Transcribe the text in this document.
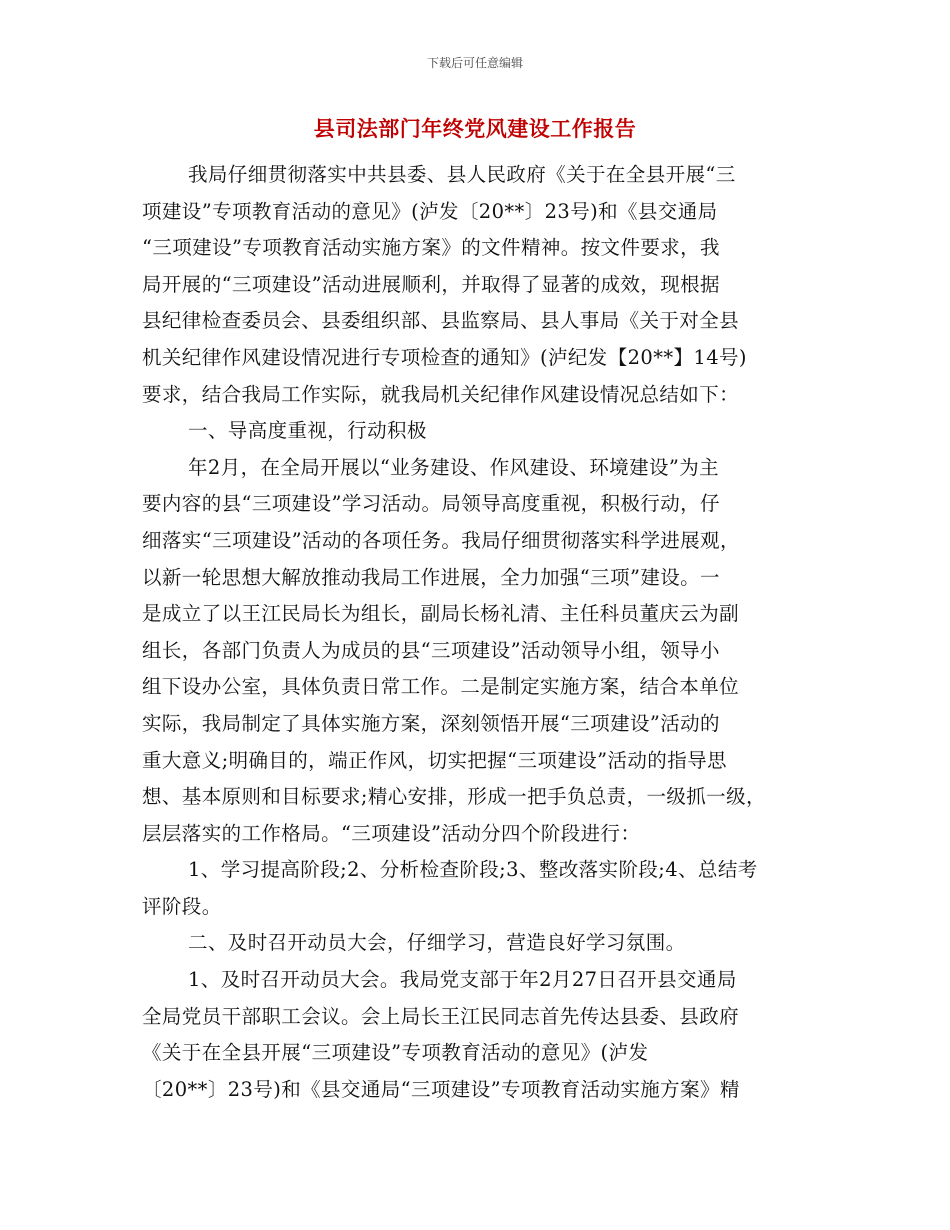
下载后可任意编辑
县司法部门年终党风建设工作报告
我局仔细贯彻落实中共县委、县人民政府《关于在全县开展“三
项建设”专项教育活动的意见》(泸发〔20**〕23号)和《县交通局
“三项建设”专项教育活动实施方案》的文件精神。按文件要求，我
局开展的“三项建设”活动进展顺利，并取得了显著的成效，现根据
县纪律检查委员会、县委组织部、县监察局、县人事局《关于对全县
机关纪律作风建设情况进行专项检查的通知》(泸纪发【20**】14号)
要求，结合我局工作实际，就我局机关纪律作风建设情况总结如下：
一、导高度重视，行动积极
年2月，在全局开展以“业务建设、作风建设、环境建设”为主
要内容的县“三项建设”学习活动。局领导高度重视，积极行动，仔
细落实“三项建设”活动的各项任务。我局仔细贯彻落实科学进展观，
以新一轮思想大解放推动我局工作进展，全力加强“三项”建设。一
是成立了以王江民局长为组长，副局长杨礼清、主任科员董庆云为副
组长，各部门负责人为成员的县“三项建设”活动领导小组，领导小
组下设办公室，具体负责日常工作。二是制定实施方案，结合本单位
实际，我局制定了具体实施方案，深刻领悟开展“三项建设”活动的
重大意义;明确目的，端正作风，切实把握“三项建设”活动的指导思
想、基本原则和目标要求;精心安排，形成一把手负总责，一级抓一级，
层层落实的工作格局。“三项建设”活动分四个阶段进行：
1、学习提高阶段;2、分析检查阶段;3、整改落实阶段;4、总结考
评阶段。
二、及时召开动员大会，仔细学习，营造良好学习氛围。
1、及时召开动员大会。我局党支部于年2月27日召开县交通局
全局党员干部职工会议。会上局长王江民同志首先传达县委、县政府
《关于在全县开展“三项建设”专项教育活动的意见》(泸发
〔20**〕23号)和《县交通局“三项建设”专项教育活动实施方案》精
